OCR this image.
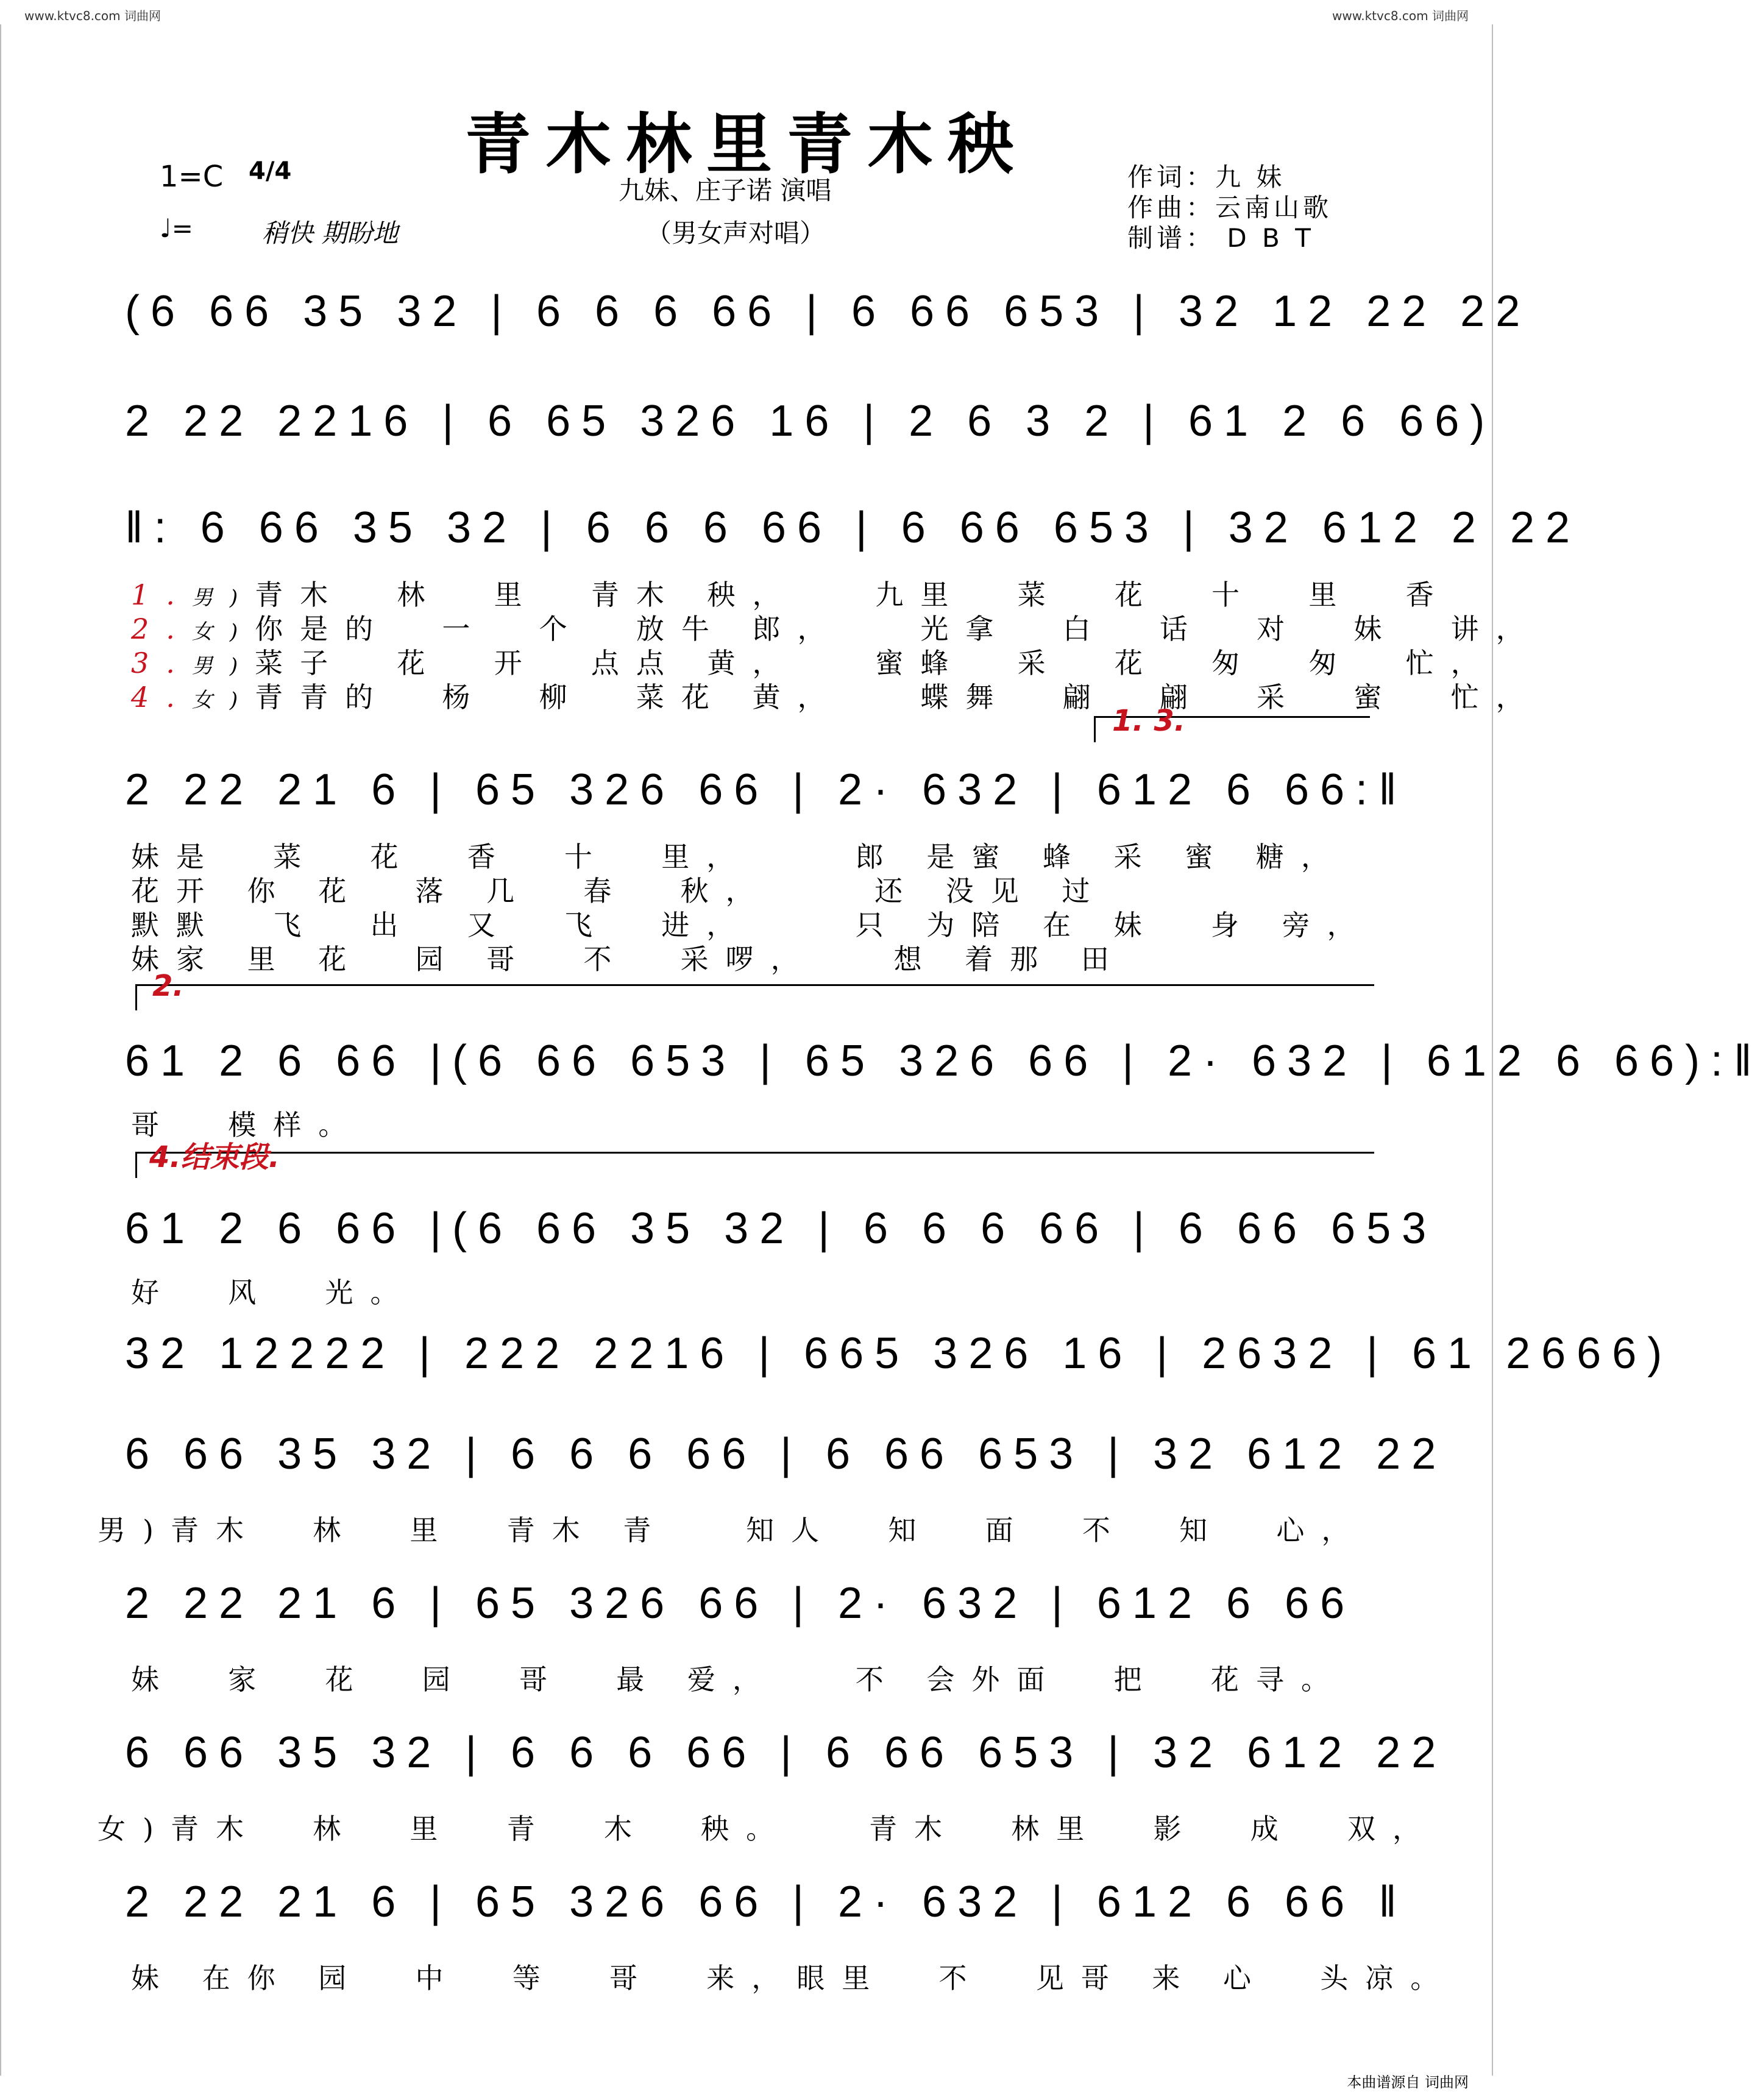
www.ktvc8.com 词曲网	www.ktvc8.com 词曲网
青木林里青木秧
1=C 4/4
♩=	稍快 期盼地
九妹、庄子诺 演唱
（男女声对唱）
作词：九 妹
作曲：云南山歌
制谱： D B T
(6 66 35 32 | 6 6 6 66 | 6 66 653 | 32 12 22 22
2 22 2216 | 6 65 326 16 | 2 6 3 2 | 61 2 6 66)
‖: 6 66 35 32 | 6 6 6 66 | 6 66 653 | 32 612 2 22
1.男)青木  林  里  青木 秧，   九里  菜  花  十  里  香
2.女)你是的  一  个  放牛 郎，   光拿  白  话  对  妹  讲，
3.男)菜子  花  开  点点 黄，   蜜蜂  采  花  匆  匆  忙，
4.女)青青的  杨  柳  菜花 黄，   蝶舞  翩  翩  采  蜜  忙，
1. 3.
2 22 21 6 | 65 326 66 | 2· 632 | 612 6 66:‖
妹是  菜  花  香  十  里，    郎 是蜜 蜂 采 蜜 糖，
花开 你 花  落 几  春  秋，    还 没见 过
默默  飞  出  又  飞  进，    只 为陪 在 妹  身 旁，
妹家 里 花  园 哥  不  采啰，   想 着那 田
2.
61 2 6 66 |(6 66 653 | 65 326 66 | 2· 632 | 612 6 66):‖
哥  模样。
4.结束段.
61 2 6 66 |(6 66 35 32 | 6 6 6 66 | 6 66 653
好  风  光。
32 12222 | 222 2216 | 665 326 16 | 2632 | 61 2666)
6 66 35 32 | 6 6 6 66 | 6 66 653 | 32 612 22
男)青木  林  里  青木 青   知人  知  面  不  知  心，
2 22 21 6 | 65 326 66 | 2· 632 | 612 6 66
妹  家  花  园  哥  最 爱，   不 会外面  把  花寻。
6 66 35 32 | 6 6 6 66 | 6 66 653 | 32 612 22
女)青木  林  里  青  木  秧。   青木  林里  影  成  双，
2 22 21 6 | 65 326 66 | 2· 632 | 612 6 66 ‖
妹 在你 园  中  等  哥  来，眼里  不  见哥 来 心  头凉。
本曲谱源自 词曲网
